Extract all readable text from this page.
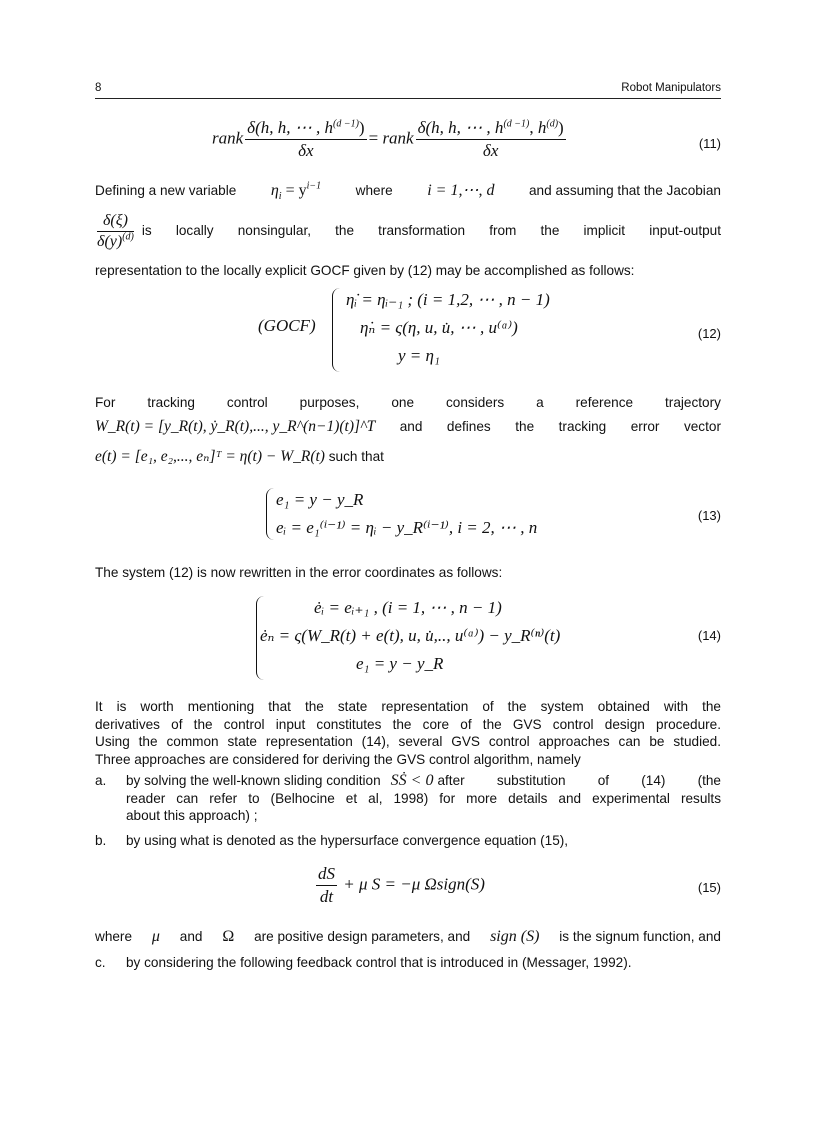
8	Robot Manipulators
rank $\frac{\delta(h, h, \cdots , h^{(d -1)})}{\delta x}$ = rank $\frac{\delta(h, h, \cdots , h^{(d -1)}, h^{(d)})}{\delta x}$	(11)
Defining a new variable $\eta_i = y^{i-1}$	where i = 1,⋯, d	and assuming that the Jacobian
$\frac{\delta(\xi)}{\delta(y)^{(d)}}$ is locally nonsingular, the transformation from the implicit input-output
representation to the locally explicit GOCF given by (12) may be accomplished as follows:
(GOCF)
η̇ᵢ = ηᵢ₋₁ ; (i = 1,2, ⋯ , n − 1)
η̇ₙ = ς(η, u, u̇, ⋯ , u⁽ᵅ⁾)
y = η₁
(12)
For tracking control purposes, one considers a reference trajectory
W_R(t) = [y_R(t), ẏ_R(t),..., y_R^(n−1)(t)]^T and defines the tracking error vector
e(t) = [e₁, e₂,..., eₙ]ᵀ = η(t) − W_R(t) such that
e₁ = y − y_R
eᵢ = e₁⁽ⁱ⁻¹⁾ = ηᵢ − y_R⁽ⁱ⁻¹⁾, i = 2, ⋯ , n
(13)
The system (12) is now rewritten in the error coordinates as follows:
ėᵢ = eᵢ₊₁ , (i = 1, ⋯ , n − 1)
ėₙ = ς(W_R(t) + e(t), u, u̇,.., u⁽ᵅ⁾) − y_R⁽ⁿ⁾(t)
e₁ = y − y_R
(14)
It is worth mentioning that the state representation of the system obtained with the
derivatives of the control input constitutes the core of the GVS control design procedure.
Using the common state representation (14), several GVS control approaches can be studied.
Three approaches are considered for deriving the GVS control algorithm, namely
a. by solving the well-known sliding condition SṠ < 0 after substitution of (14) (the
reader can refer to (Belhocine et al, 1998) for more details and experimental results
about this approach) ;
b. by using what is denoted as the hypersurface convergence equation (15),
$\frac{dS}{dt} + \mu$ S = −μ Ωsign(S)	(15)
where μ and Ω are positive design parameters, and sign (S) is the signum function, and
c. by considering the following feedback control that is introduced in (Messager, 1992).
